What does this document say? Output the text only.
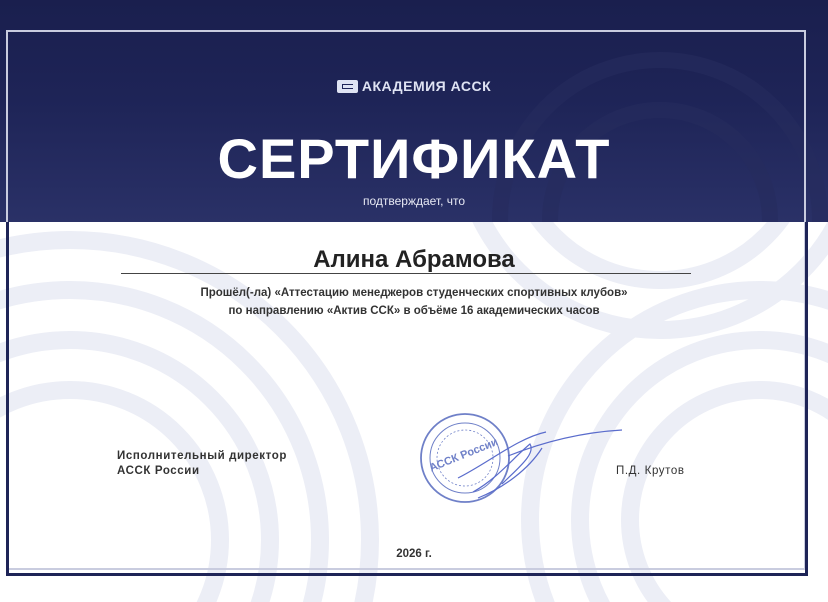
АКАДЕМИЯ АССК
СЕРТИФИКАТ
подтверждает, что
Алина Абрамова
Прошёл(-ла) «Аттестацию менеджеров студенческих спортивных клубов»
по направлению «Актив ССК» в объёме 16 академических часов
Исполнительный директор
АССК России	АССК России	П.Д. Крутов
2026 г.
